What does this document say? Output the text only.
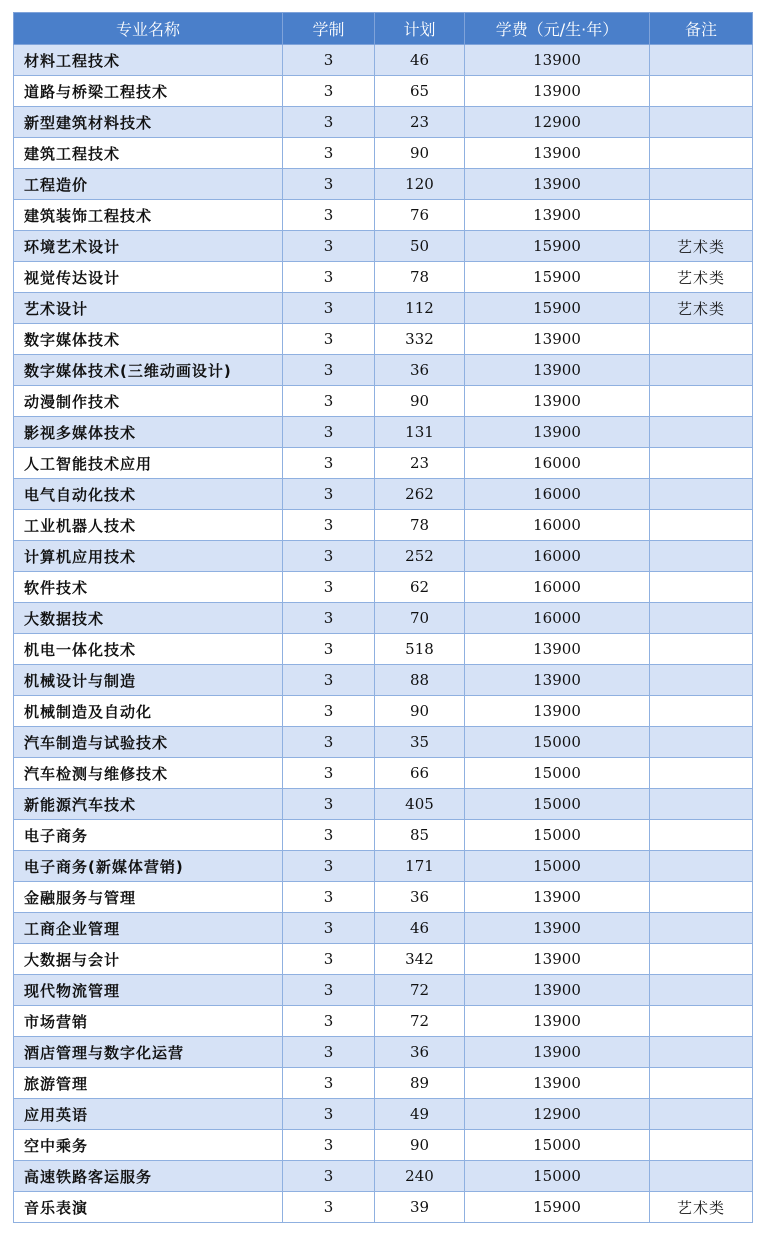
专业名称	学制	计划	学费（元/生·年）	备注
材料工程技术	3	46	13900	
道路与桥梁工程技术	3	65	13900	
新型建筑材料技术	3	23	12900	
建筑工程技术	3	90	13900	
工程造价	3	120	13900	
建筑装饰工程技术	3	76	13900	
环境艺术设计	3	50	15900	艺术类
视觉传达设计	3	78	15900	艺术类
艺术设计	3	112	15900	艺术类
数字媒体技术	3	332	13900	
数字媒体技术(三维动画设计)	3	36	13900	
动漫制作技术	3	90	13900	
影视多媒体技术	3	131	13900	
人工智能技术应用	3	23	16000	
电气自动化技术	3	262	16000	
工业机器人技术	3	78	16000	
计算机应用技术	3	252	16000	
软件技术	3	62	16000	
大数据技术	3	70	16000	
机电一体化技术	3	518	13900	
机械设计与制造	3	88	13900	
机械制造及自动化	3	90	13900	
汽车制造与试验技术	3	35	15000	
汽车检测与维修技术	3	66	15000	
新能源汽车技术	3	405	15000	
电子商务	3	85	15000	
电子商务(新媒体营销)	3	171	15000	
金融服务与管理	3	36	13900	
工商企业管理	3	46	13900	
大数据与会计	3	342	13900	
现代物流管理	3	72	13900	
市场营销	3	72	13900	
酒店管理与数字化运营	3	36	13900	
旅游管理	3	89	13900	
应用英语	3	49	12900	
空中乘务	3	90	15000	
高速铁路客运服务	3	240	15000	
音乐表演	3	39	15900	艺术类
